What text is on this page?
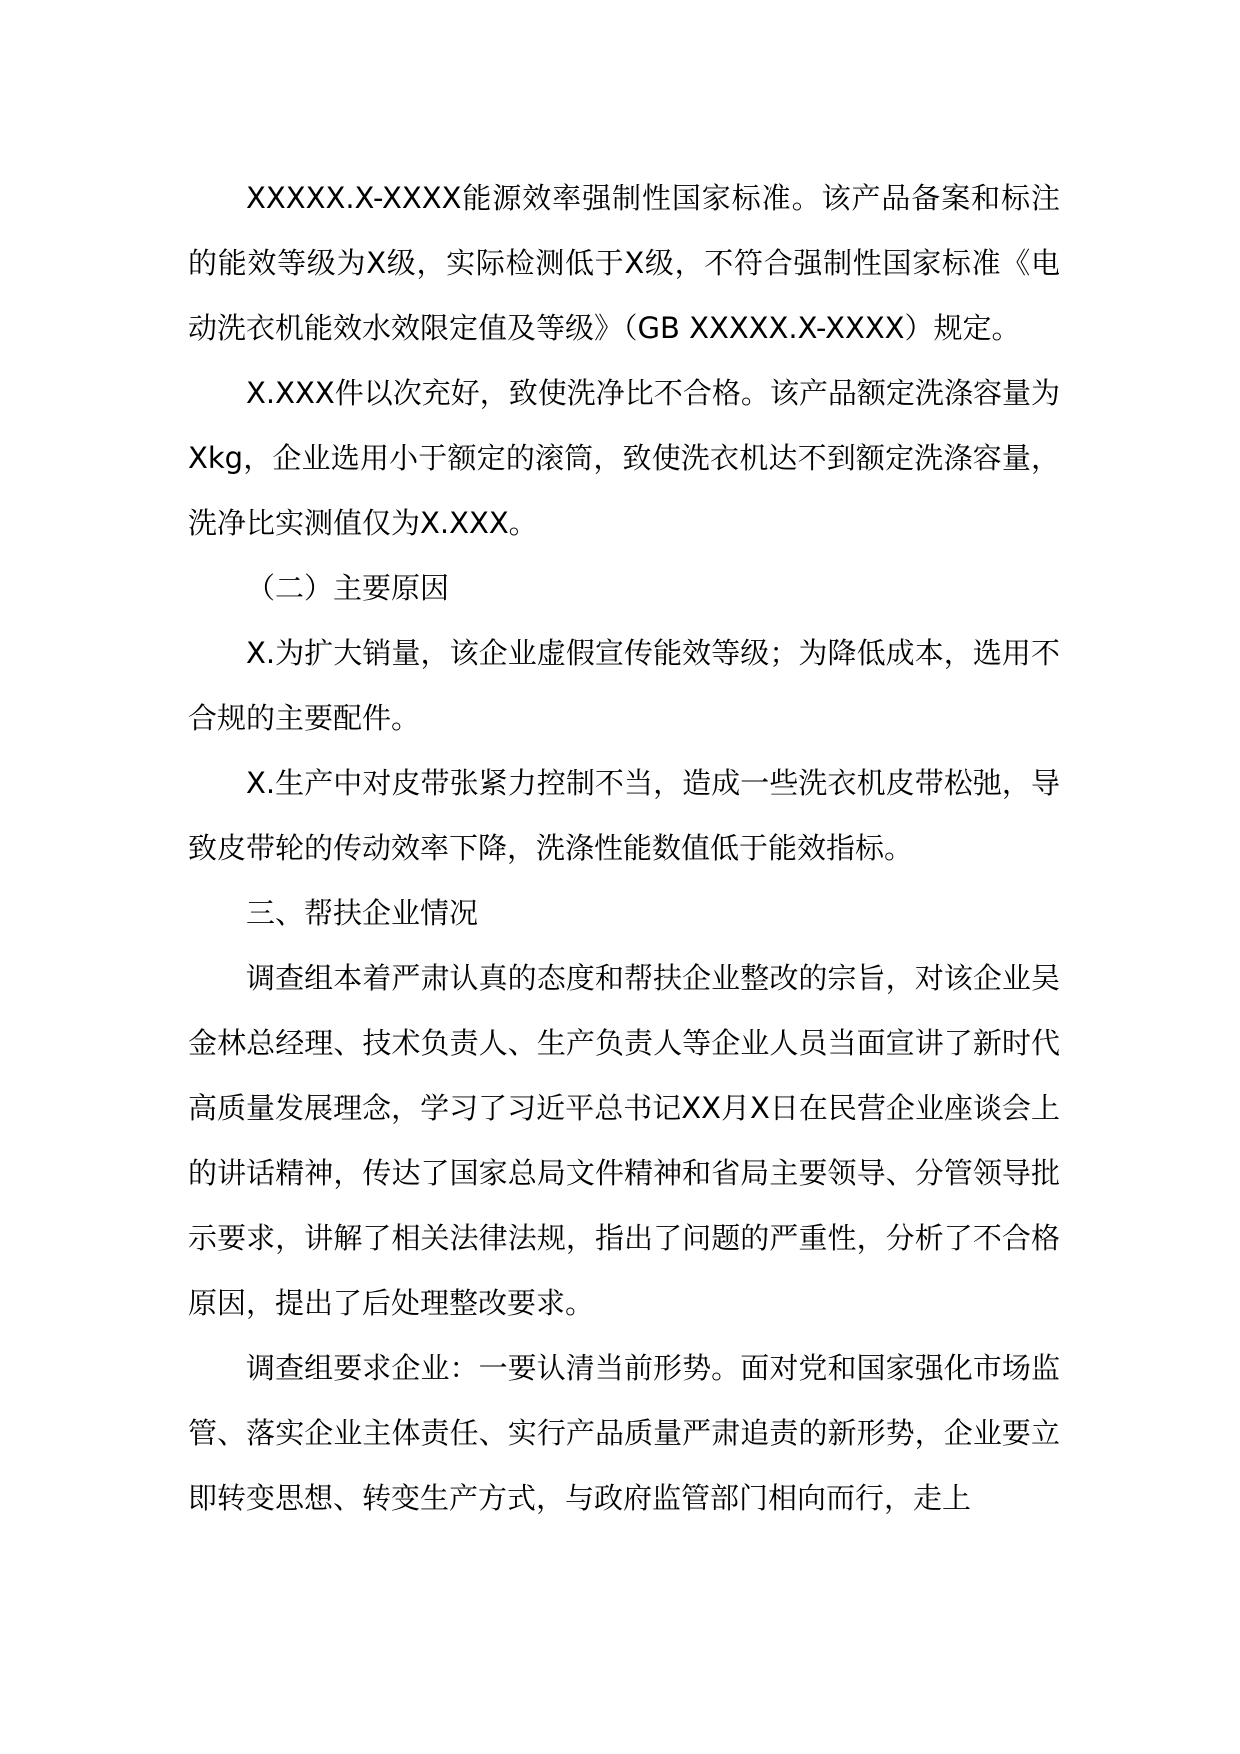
XXXXX.X-XXXX能源效率强制性国家标准。该产品备案和标注的能效等级为X级，实际检测低于X级，不符合强制性国家标准《电动洗衣机能效水效限定值及等级》（GB XXXXX.X-XXXX）规定。

X.XXX件以次充好，致使洗净比不合格。该产品额定洗涤容量为Xkg，企业选用小于额定的滚筒，致使洗衣机达不到额定洗涤容量，洗净比实测值仅为X.XXX。

（二）主要原因

X.为扩大销量，该企业虚假宣传能效等级；为降低成本，选用不合规的主要配件。

X.生产中对皮带张紧力控制不当，造成一些洗衣机皮带松弛，导致皮带轮的传动效率下降，洗涤性能数值低于能效指标。

三、帮扶企业情况

调查组本着严肃认真的态度和帮扶企业整改的宗旨，对该企业吴金林总经理、技术负责人、生产负责人等企业人员当面宣讲了新时代高质量发展理念，学习了习近平总书记XX月X日在民营企业座谈会上的讲话精神，传达了国家总局文件精神和省局主要领导、分管领导批示要求，讲解了相关法律法规，指出了问题的严重性，分析了不合格原因，提出了后处理整改要求。

调查组要求企业：一要认清当前形势。面对党和国家强化市场监管、落实企业主体责任、实行产品质量严肃追责的新形势，企业要立即转变思想、转变生产方式，与政府监管部门相向而行，走上
